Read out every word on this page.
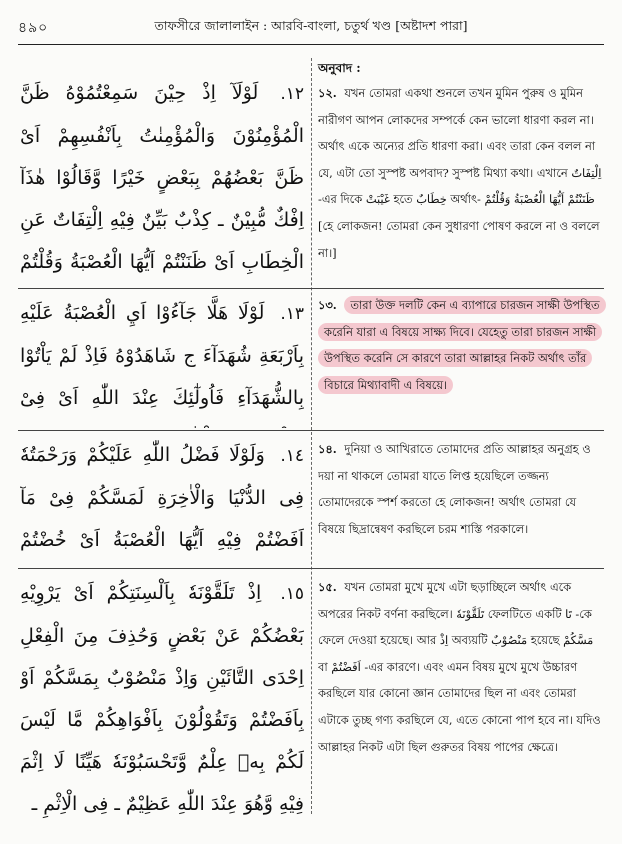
৪৯০	তাফসীরে জালালাইন : আরবি-বাংলা, চতুর্থ খণ্ড [অষ্টাদশ পারা]
অনুবাদ :
١٢. لَوْلَآ اِذْ حِيْنَ سَمِعْتُمُوْهُ ظَنَّ الْمُؤْمِنُوْنَ وَالْمُؤْمِنٰتُ بِاَنْفُسِهِمْ اَىْ ظَنَّ بَعْضُهُمْ بِبَعْضٍ خَيْرًا وَّقَالُوْا هٰذَآ اِفْكٌ مُّبِيْنٌ ـ كِذْبٌ بَيِّنٌ فِيْهِ اِلْتِفَاتٌ عَنِ الْخِطَابِ اَىْ ظَنَنْتُمْ اَيُّهَا الْعُصْبَةُ وَقُلْتُمْ
১২. যখন তোমরা একথা শুনলে তখন মুমিন পুরুষ ও মুমিন নারীগণ আপন লোকদের সম্পর্কে কেন ভালো ধারণা করল না। অর্থাৎ একে অন্যের প্রতি ধারণা করা। এবং তারা কেন বলল না যে, এটা তো সুস্পষ্ট অপবাদ? সুস্পষ্ট মিথ্যা কথা। এখানে اِلْتِفَاتٌ -এর দিকে غَيْبَتْ হতে خِطَابٌ অর্থাৎ- ظَنَنْتُمْ اَيُّهَا الْعُصْبَةُ وَقُلْتُمْ [হে লোকজন! তোমরা কেন সুধারণা পোষণ করলে না ও বললে না।]
١٣. لَوْلَا هَلَّا جَآءُوْا اَيِ الْعُصْبَةُ عَلَيْهِ بِاَرْبَعَةِ شُهَدَآءَ ج شَاهَدُوْهُ فَاِذْ لَمْ يَاْتُوْا بِالشُّهَدَآءِ فَاُولٰٓئِكَ عِنْدَ اللّٰهِ اَىْ فِىْ
১৩. তারা উক্ত দলটি কেন এ ব্যাপারে চারজন সাক্ষী উপস্থিত করেনি যারা এ বিষয়ে সাক্ষ্য দিবে। যেহেতু তারা চারজন সাক্ষী উপস্থিত করেনি সে কারণে তারা আল্লাহর নিকট অর্থাৎ তাঁর বিচারে মিথ্যাবাদী এ বিষয়ে।
١٤. وَلَوْلَا فَضْلُ اللّٰهِ عَلَيْكُمْ وَرَحْمَتُهٗ فِى الدُّنْيَا وَالْاٰخِرَةِ لَمَسَّكُمْ فِىْ مَآ اَفَضْتُمْ فِيْهِ اَيُّهَا الْعُصْبَةُ اَىْ خُضْتُمْ
১৪. দুনিয়া ও আখিরাতে তোমাদের প্রতি আল্লাহর অনুগ্রহ ও দয়া না থাকলে তোমরা যাতে লিপ্ত হয়েছিলে তজ্জন্য তোমাদেরকে স্পর্শ করতো হে লোকজন! অর্থাৎ তোমরা যে বিষয়ে ছিদ্রান্বেষণ করছিলে চরম শাস্তি পরকালে।
١٥. اِذْ تَلَقَّوْنَهٗ بِاَلْسِنَتِكُمْ اَىْ يَرْوِيْهِ بَعْضُكُمْ عَنْ بَعْضٍ وَحُذِفَ مِنَ الْفِعْلِ اِحْدَى التَّائَيْنِ وَاِذْ مَنْصُوْبٌ بِمَسَّكُمْ اَوْ بِاَفَضْتُمْ وَتَقُوْلُوْنَ بِاَفْوَاهِكُمْ مَّا لَيْسَ لَكُمْ بِهٖ عِلْمٌ وَّتَحْسَبُوْنَهٗ هَيِّنًا لَا اِثْمَ فِيْهِ وَّهُوَ عِنْدَ اللّٰهِ عَظِيْمٌ ـ فِى الْاِثْمِ ـ
১৫. যখন তোমরা মুখে মুখে এটা ছড়াচ্ছিলে অর্থাৎ একে অপরের নিকট বর্ণনা করছিলে। تَلَقَّوْنَهٗ ফেলটিতে একটি تَا -কে ফেলে দেওয়া হয়েছে। আর اِذْ অব্যয়টি مَنْصُوْبٌ হয়েছে مَسَّكُمْ বা اَفَضْتُمْ -এর কারণে। এবং এমন বিষয় মুখে মুখে উচ্চারণ করছিলে যার কোনো জ্ঞান তোমাদের ছিল না এবং তোমরা এটাকে তুচ্ছ গণ্য করছিলে যে, এতে কোনো পাপ হবে না। যদিও আল্লাহর নিকট এটা ছিল গুরুতর বিষয় পাপের ক্ষেত্রে।
